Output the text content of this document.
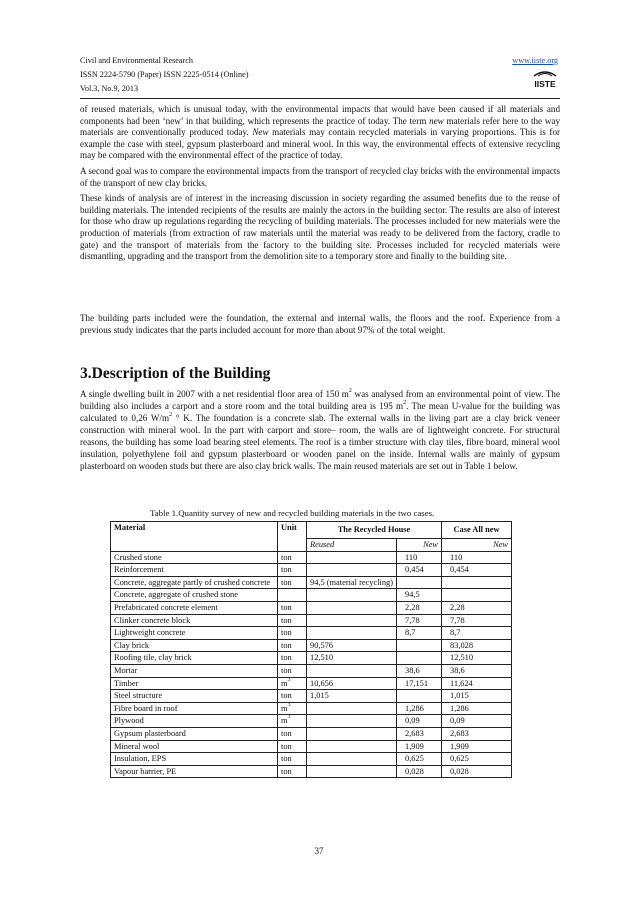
Civil and Environmental Research
ISSN 2224-5790 (Paper) ISSN 2225-0514 (Online)
Vol.3, No.9, 2013
www.iiste.org
IISTE

of reused materials, which is unusual today, with the environmental impacts that would have been caused if all materials and components had been ‘new’ in that building, which represents the practice of today. The term new materials refer here to the way materials are conventionally produced today. New materials may contain recycled materials in varying proportions. This is for example the case with steel, gypsum plasterboard and mineral wool. In this way, the environmental effects of extensive recycling may be compared with the environmental effect of the practice of today.

A second goal was to compare the environmental impacts from the transport of recycled clay bricks with the environmental impacts of the transport of new clay bricks.

These kinds of analysis are of interest in the increasing discussion in society regarding the assumed benefits due to the reuse of building materials. The intended recipients of the results are mainly the actors in the building sector. The results are also of interest for those who draw up regulations regarding the recycling of building materials. The processes included for new materials were the production of materials (from extraction of raw materials until the material was ready to be delivered from the factory, cradle to gate) and the transport of materials from the factory to the building site. Processes included for recycled materials were dismantling, upgrading and the transport from the demolition site to a temporary store and finally to the building site.

The building parts included were the foundation, the external and internal walls, the floors and the roof. Experience from a previous study indicates that the parts included account for more than about 97% of the total weight.
3.Description of the Building
A single dwelling built in 2007 with a net residential floor area of 150 $m^2$ was analysed from an environmental point of view. The building also includes a carport and a store room and the total building area is 195 $m^2$. The mean U-value for the building was calculated to 0,26 $W/m^2$ ° K. The foundation is a concrete slab. The external walls in the living part are a clay brick veneer construction with mineral wool. In the part with carport and store– room, the walls are of lightweight concrete. For structural reasons, the building has some load bearing steel elements. The roof is a timber structure with clay tiles, fibre board, mineral wool insulation, polyethylene foil and gypsum plasterboard or wooden panel on the inside. Internal walls are mainly of gypsum plasterboard on wooden studs but there are also clay brick walls. The main reused materials are set out in Table 1 below.
Table 1.Quantity survey of new and recycled building materials in the two cases.
Material	Unit	The Recycled House		Case All new
		Reused	New	New
Crushed stone	ton		110	110
Reinforcement	ton		0,454	0,454
Concrete, aggregate partly of crushed concrete	ton	94,5 (material recycling)		
Concrete, aggregate of crushed stone			94,5	
Prefabricated concrete element	ton		2,28	2,28
Clinker concrete block	ton		7,78	7,78
Lightweight concrete	ton		8,7	8,7
Clay brick	ton	90,576		83,028
Roofing tile, clay brick	ton	12,510		12,510
Mortar	ton		38,6	38,6
Timber	$m^3$	10,656	17,151	11,624
Steel structure	ton	1,015		1,015
Fibre board in roof	$m^3$		1,286	1,286
Plywood	$m^3$		0,09	0,09
Gypsum plasterboard	ton		2,683	2,683
Mineral wool	ton		1,909	1,909
Insulation, EPS	ton		0,625	0,625
Vapour barrier, PE	ton		0,028	0,028
37
